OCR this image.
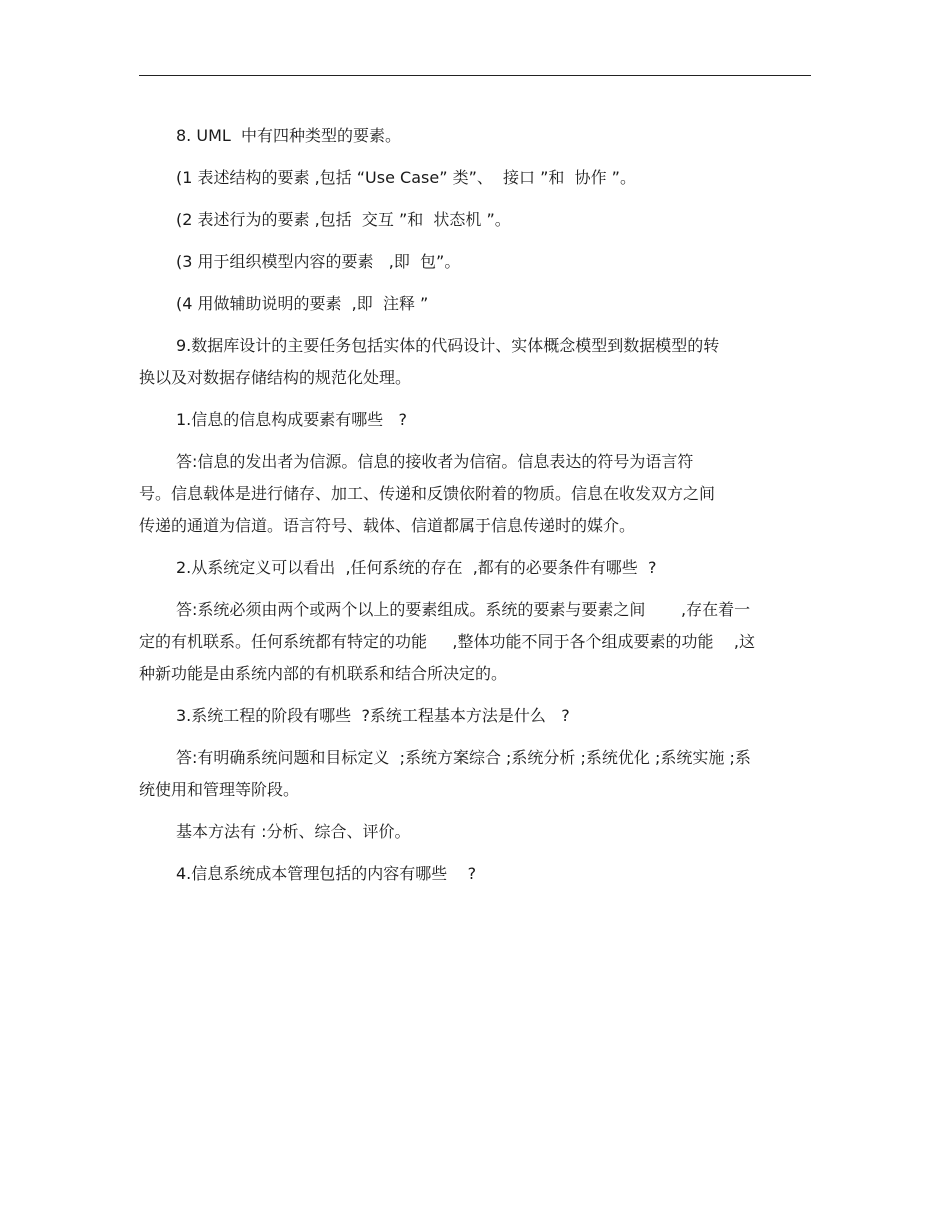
8. UML  中有四种类型的要素。

(1 表述结构的要素 ,包括 “Use Case” 类”、  接口 ”和  协作 ”。

(2 表述行为的要素 ,包括  交互 ”和  状态机 ”。

(3 用于组织模型内容的要素   ,即  包”。

(4 用做辅助说明的要素  ,即  注释 ”

9.数据库设计的主要任务包括实体的代码设计、实体概念模型到数据模型的转

换以及对数据存储结构的规范化处理。

1.信息的信息构成要素有哪些   ?

答:信息的发出者为信源。信息的接收者为信宿。信息表达的符号为语言符

号。信息载体是进行储存、加工、传递和反馈依附着的物质。信息在收发双方之间

传递的通道为信道。语言符号、载体、信道都属于信息传递时的媒介。

2.从系统定义可以看出  ,任何系统的存在  ,都有的必要条件有哪些  ?

答:系统必须由两个或两个以上的要素组成。系统的要素与要素之间       ,存在着一

定的有机联系。任何系统都有特定的功能     ,整体功能不同于各个组成要素的功能    ,这

种新功能是由系统内部的有机联系和结合所决定的。

3.系统工程的阶段有哪些  ?系统工程基本方法是什么   ?

答:有明确系统问题和目标定义  ;系统方案综合 ;系统分析 ;系统优化 ;系统实施 ;系

统使用和管理等阶段。

基本方法有 :分析、综合、评价。

4.信息系统成本管理包括的内容有哪些    ?
